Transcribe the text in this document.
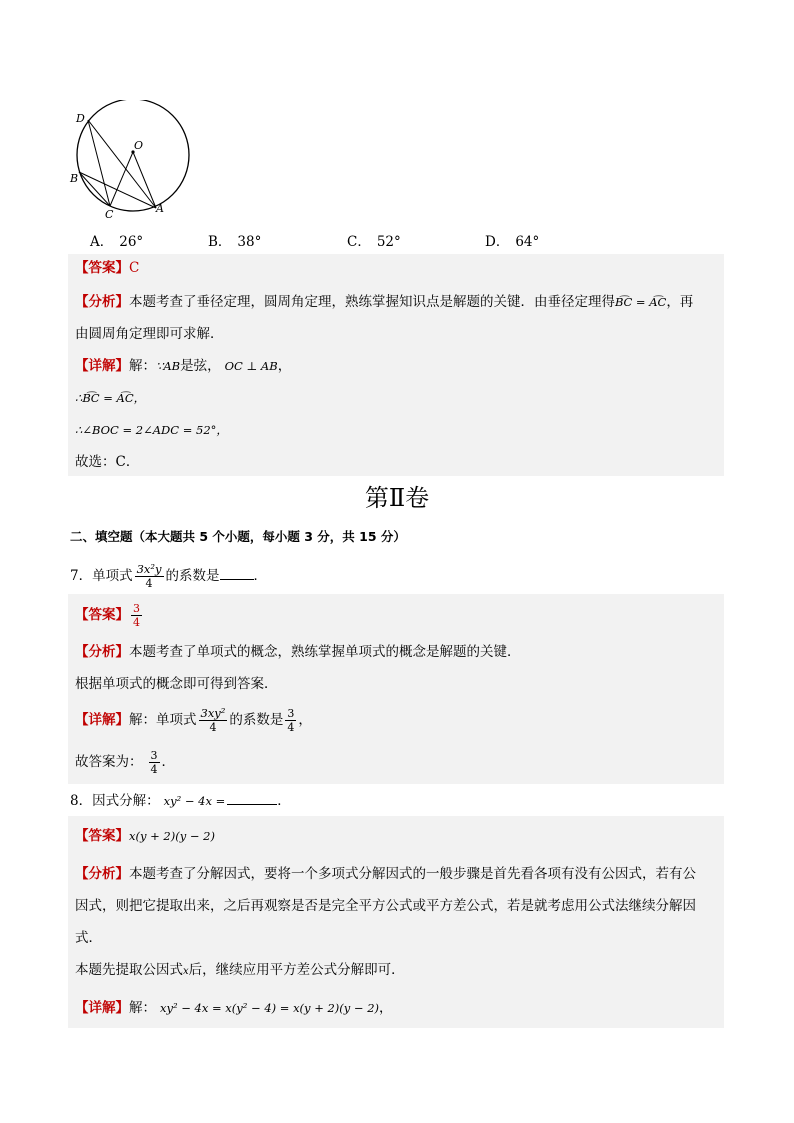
D
O
B
C	A
A． 26°	B． 38°	C． 52°	D． 64°
【答案】C
【分析】本题考查了垂径定理，圆周角定理，熟练掌握知识点是解题的关键．由垂径定理得B͡C = A͡C，再
由圆周角定理即可求解．
【详解】解：∵AB是弦， OC ⊥ AB，
∴B͡C = A͡C，
∴∠BOC = 2∠ADC = 52°，
故选：C．
第Ⅱ卷
二、填空题（本大题共 5 个小题，每小题 3 分，共 15 分）
7．单项式 $\frac{\text{3x²y}}{4}$ 的系数是	．
【答案】 $\frac{3}{4}$
【分析】本题考查了单项式的概念，熟练掌握单项式的概念是解题的关键．
根据单项式的概念即可得到答案．
【详解】解：单项式 $\frac{\text{3xy²}}{4}$ 的系数是 $\frac{3}{4}$ ，
故答案为： $\frac{3}{4}$ ．
8．因式分解： xy² − 4x =	．
【答案】x(y + 2)(y − 2)
【分析】本题考查了分解因式，要将一个多项式分解因式的一般步骤是首先看各项有没有公因式，若有公
因式，则把它提取出来，之后再观察是否是完全平方公式或平方差公式，若是就考虑用公式法继续分解因
式．
本题先提取公因式x后，继续应用平方差公式分解即可．
【详解】解： xy² − 4x = x(y² − 4) = x(y + 2)(y − 2)，
